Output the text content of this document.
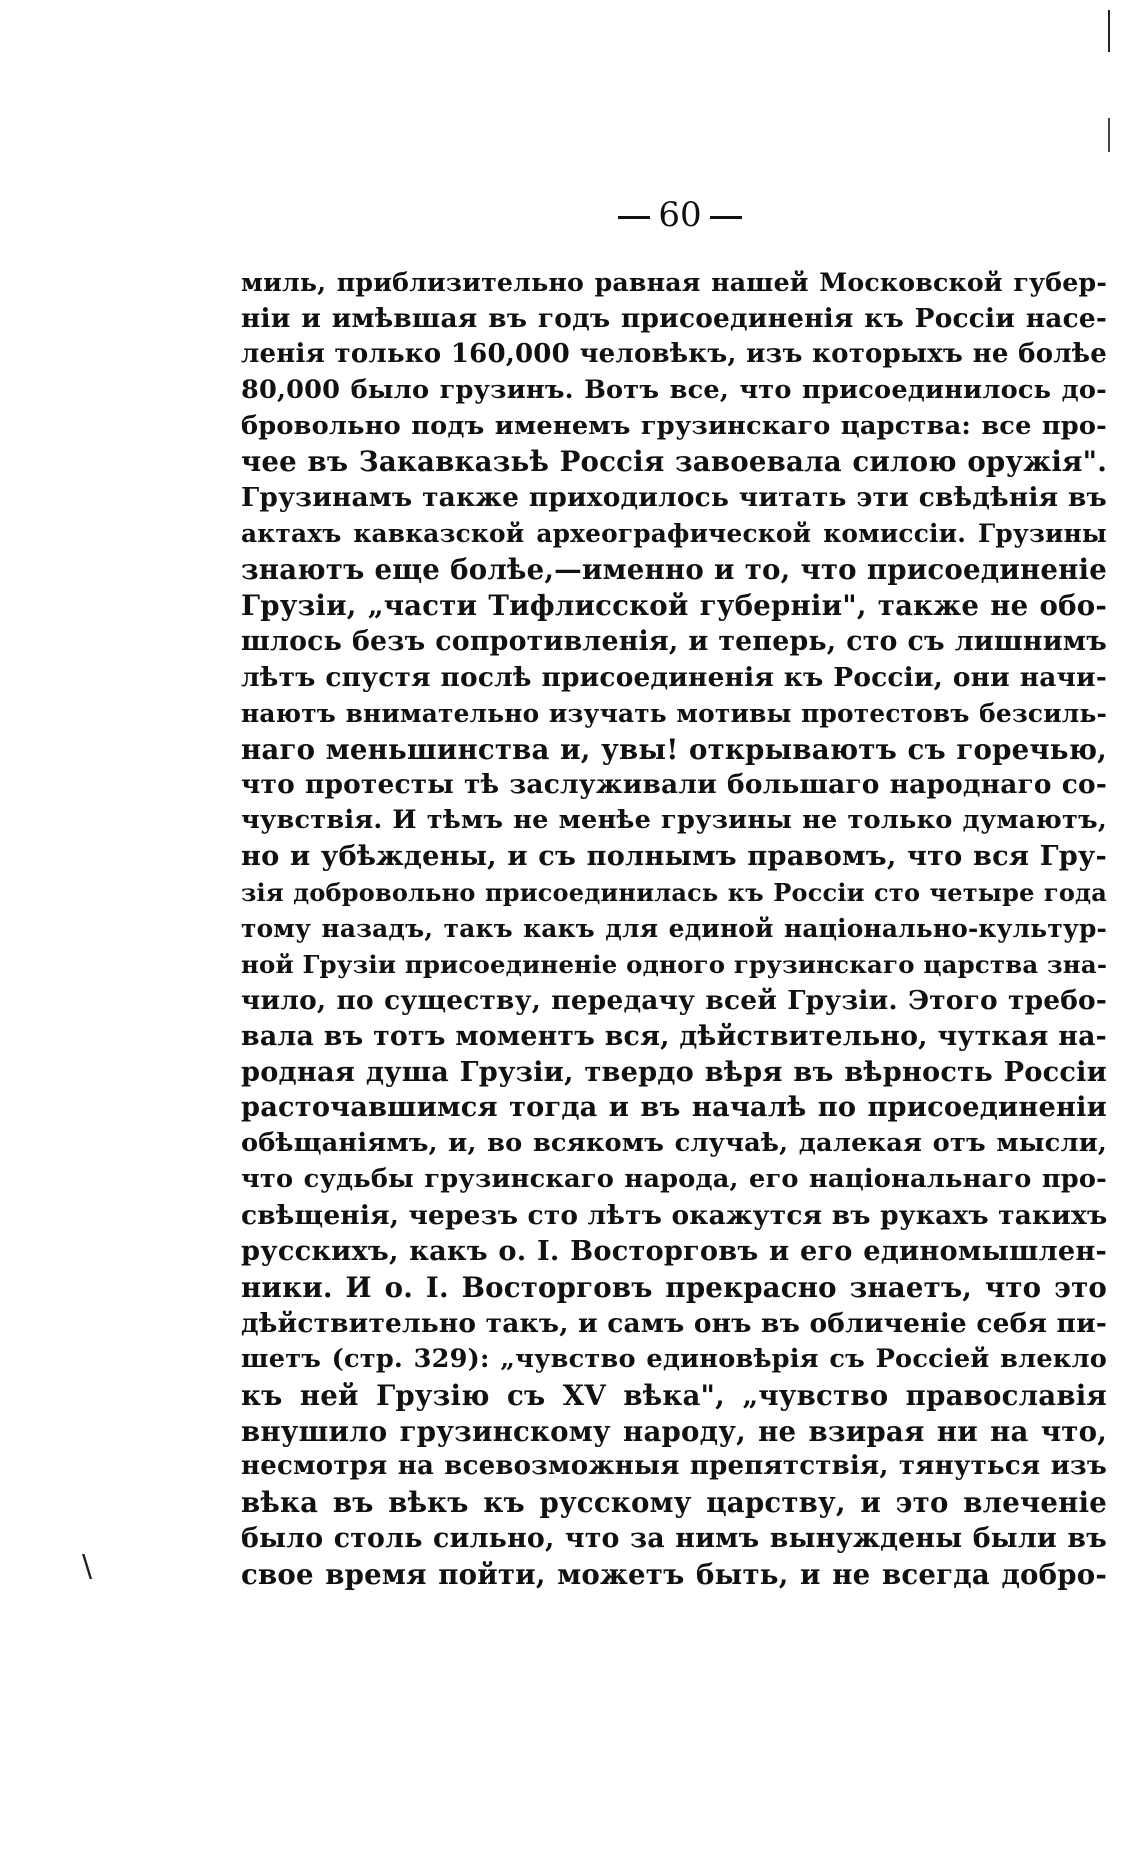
60
миль, приблизительно равная нашей Московской губер-
ніи и имѣвшая въ годъ присоединенія къ Россіи насе-
ленія только 160,000 человѣкъ, изъ которыхъ не болѣе
80,000 было грузинъ. Вотъ все, что присоединилось до-
бровольно подъ именемъ грузинскаго царства: все про-
чее въ Закавказьѣ Россія завоевала силою оружія".
Грузинамъ также приходилось читать эти свѣдѣнія въ
актахъ кавказской археографической комиссіи. Грузины
знаютъ еще болѣе,—именно и то, что присоединеніе
Грузіи, „части Тифлисской губерніи", также не обо-
шлось безъ сопротивленія, и теперь, сто съ лишнимъ
лѣтъ спустя послѣ присоединенія къ Россіи, они начи-
наютъ внимательно изучать мотивы протестовъ безсиль-
наго меньшинства и, увы! открываютъ съ горечью,
что протесты тѣ заслуживали большаго народнаго со-
чувствія. И тѣмъ не менѣе грузины не только думаютъ,
но и убѣждены, и съ полнымъ правомъ, что вся Гру-
зія добровольно присоединилась къ Россіи сто четыре года
тому назадъ, такъ какъ для единой національно-культур-
ной Грузіи присоединеніе одного грузинскаго царства зна-
чило, по существу, передачу всей Грузіи. Этого требо-
вала въ тотъ моментъ вся, дѣйствительно, чуткая на-
родная душа Грузіи, твердо вѣря въ вѣрность Россіи
расточавшимся тогда и въ началѣ по присоединеніи
обѣщаніямъ, и, во всякомъ случаѣ, далекая отъ мысли,
что судьбы грузинскаго народа, его національнаго про-
свѣщенія, черезъ сто лѣтъ окажутся въ рукахъ такихъ
русскихъ, какъ о. І. Восторговъ и его единомышлен-
ники. И о. І. Восторговъ прекрасно знаетъ, что это
дѣйствительно такъ, и самъ онъ въ обличеніе себя пи-
шетъ (стр. 329): „чувство единовѣрія съ Россіей влекло
къ ней Грузію съ XV вѣка", „чувство православія
внушило грузинскому народу, не взирая ни на что,
несмотря на всевозможныя препятствія, тянуться изъ
вѣка въ вѣкъ къ русскому царству, и это влеченіе
было столь сильно, что за нимъ вынуждены были въ
свое время пойти, можетъ быть, и не всегда добро-
\
